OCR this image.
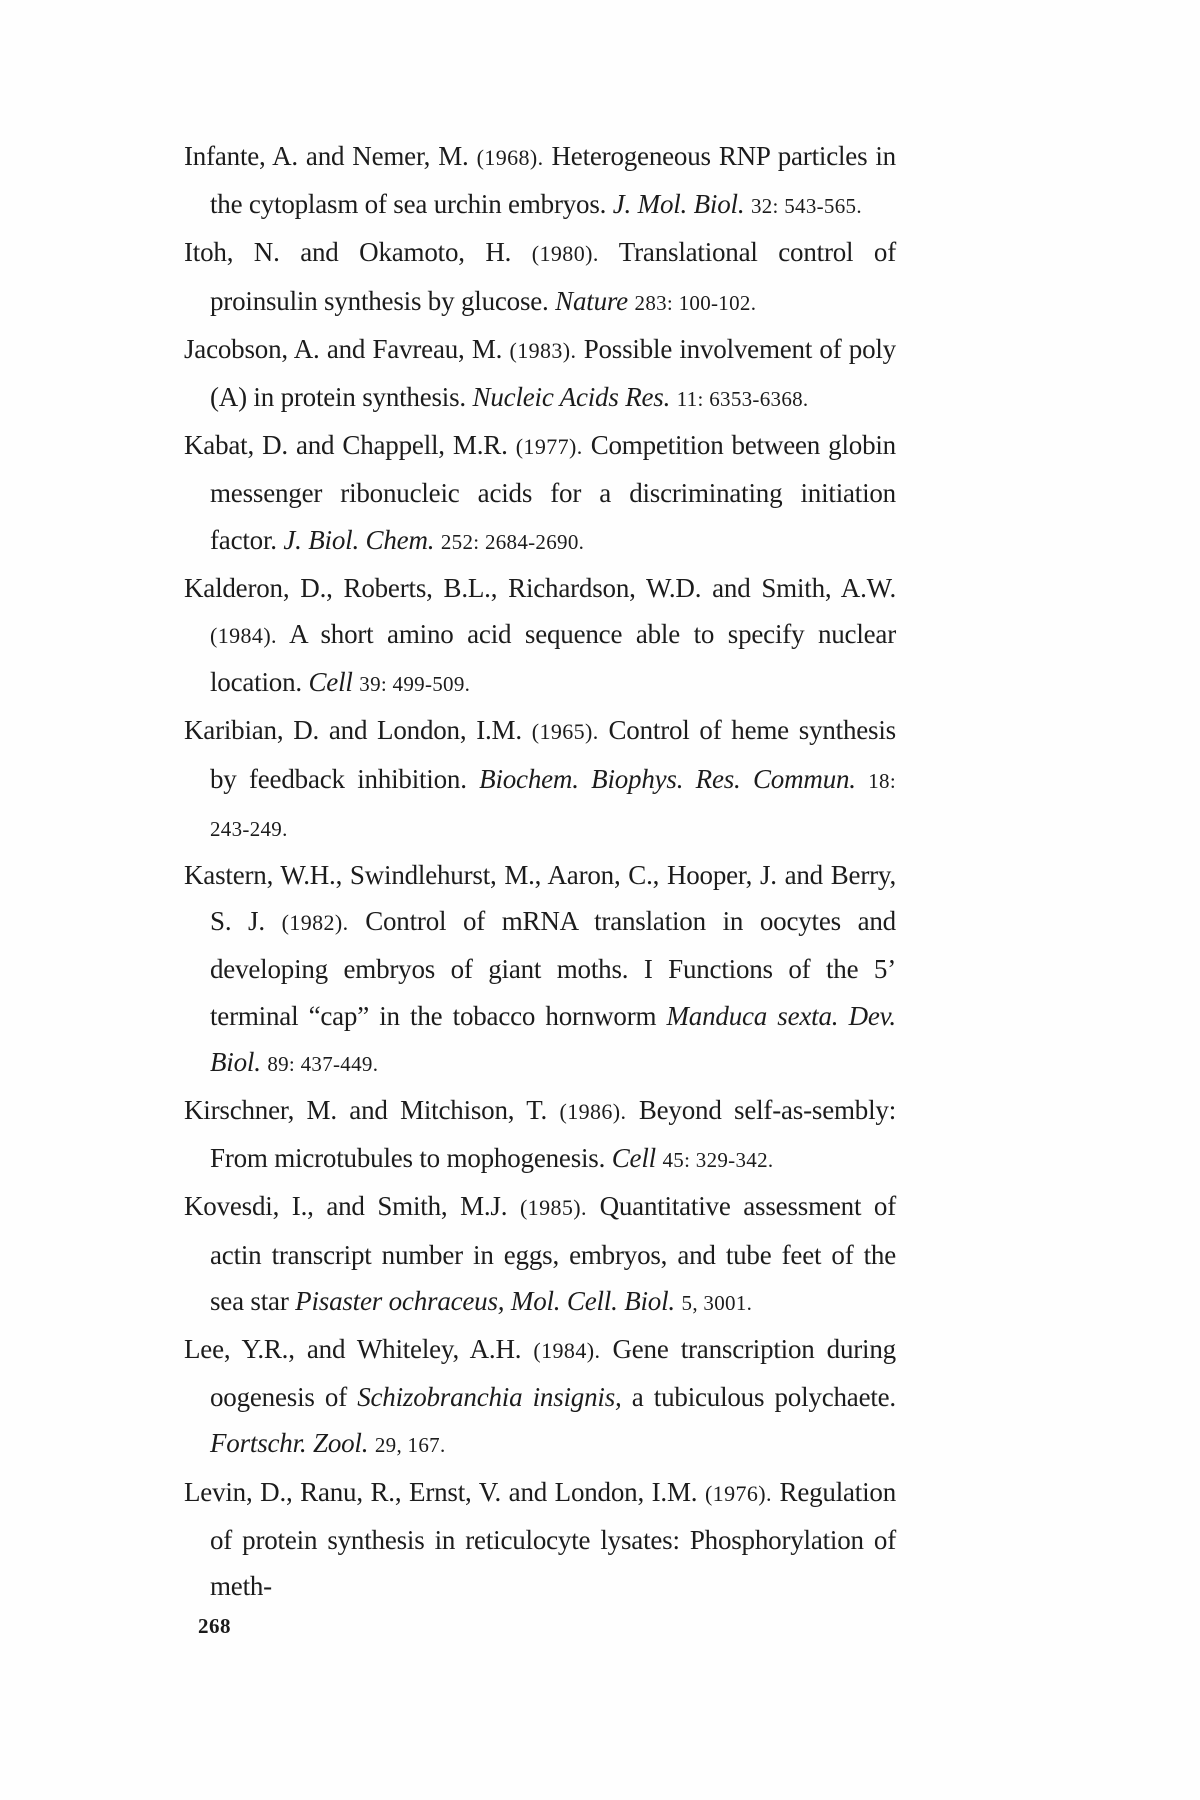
Infante, A. and Nemer, M. (1968). Heterogeneous RNP particles in the cytoplasm of sea urchin embryos. J. Mol. Biol. 32: 543-565.
Itoh, N. and Okamoto, H. (1980). Translational control of proinsulin synthesis by glucose. Nature 283: 100-102.
Jacobson, A. and Favreau, M. (1983). Possible involvement of poly (A) in protein synthesis. Nucleic Acids Res. 11: 6353-6368.
Kabat, D. and Chappell, M.R. (1977). Competition between globin messenger ribonucleic acids for a discriminating initiation factor. J. Biol. Chem. 252: 2684-2690.
Kalderon, D., Roberts, B.L., Richardson, W.D. and Smith, A.W. (1984). A short amino acid sequence able to specify nuclear location. Cell 39: 499-509.
Karibian, D. and London, I.M. (1965). Control of heme synthesis by feedback inhibition. Biochem. Biophys. Res. Commun. 18: 243-249.
Kastern, W.H., Swindlehurst, M., Aaron, C., Hooper, J. and Berry, S. J. (1982). Control of mRNA translation in oocytes and developing embryos of giant moths. I Functions of the 5’ terminal “cap” in the tobacco hornworm Manduca sexta. Dev. Biol. 89: 437-449.
Kirschner, M. and Mitchison, T. (1986). Beyond self-as-sembly: From microtubules to mophogenesis. Cell 45: 329-342.
Kovesdi, I., and Smith, M.J. (1985). Quantitative assessment of actin transcript number in eggs, embryos, and tube feet of the sea star Pisaster ochraceus, Mol. Cell. Biol. 5, 3001.
Lee, Y.R., and Whiteley, A.H. (1984). Gene transcription during oogenesis of Schizobranchia insignis, a tubiculous polychaete. Fortschr. Zool. 29, 167.
Levin, D., Ranu, R., Ernst, V. and London, I.M. (1976). Regulation of protein synthesis in reticulocyte lysates: Phosphorylation of meth-
268
